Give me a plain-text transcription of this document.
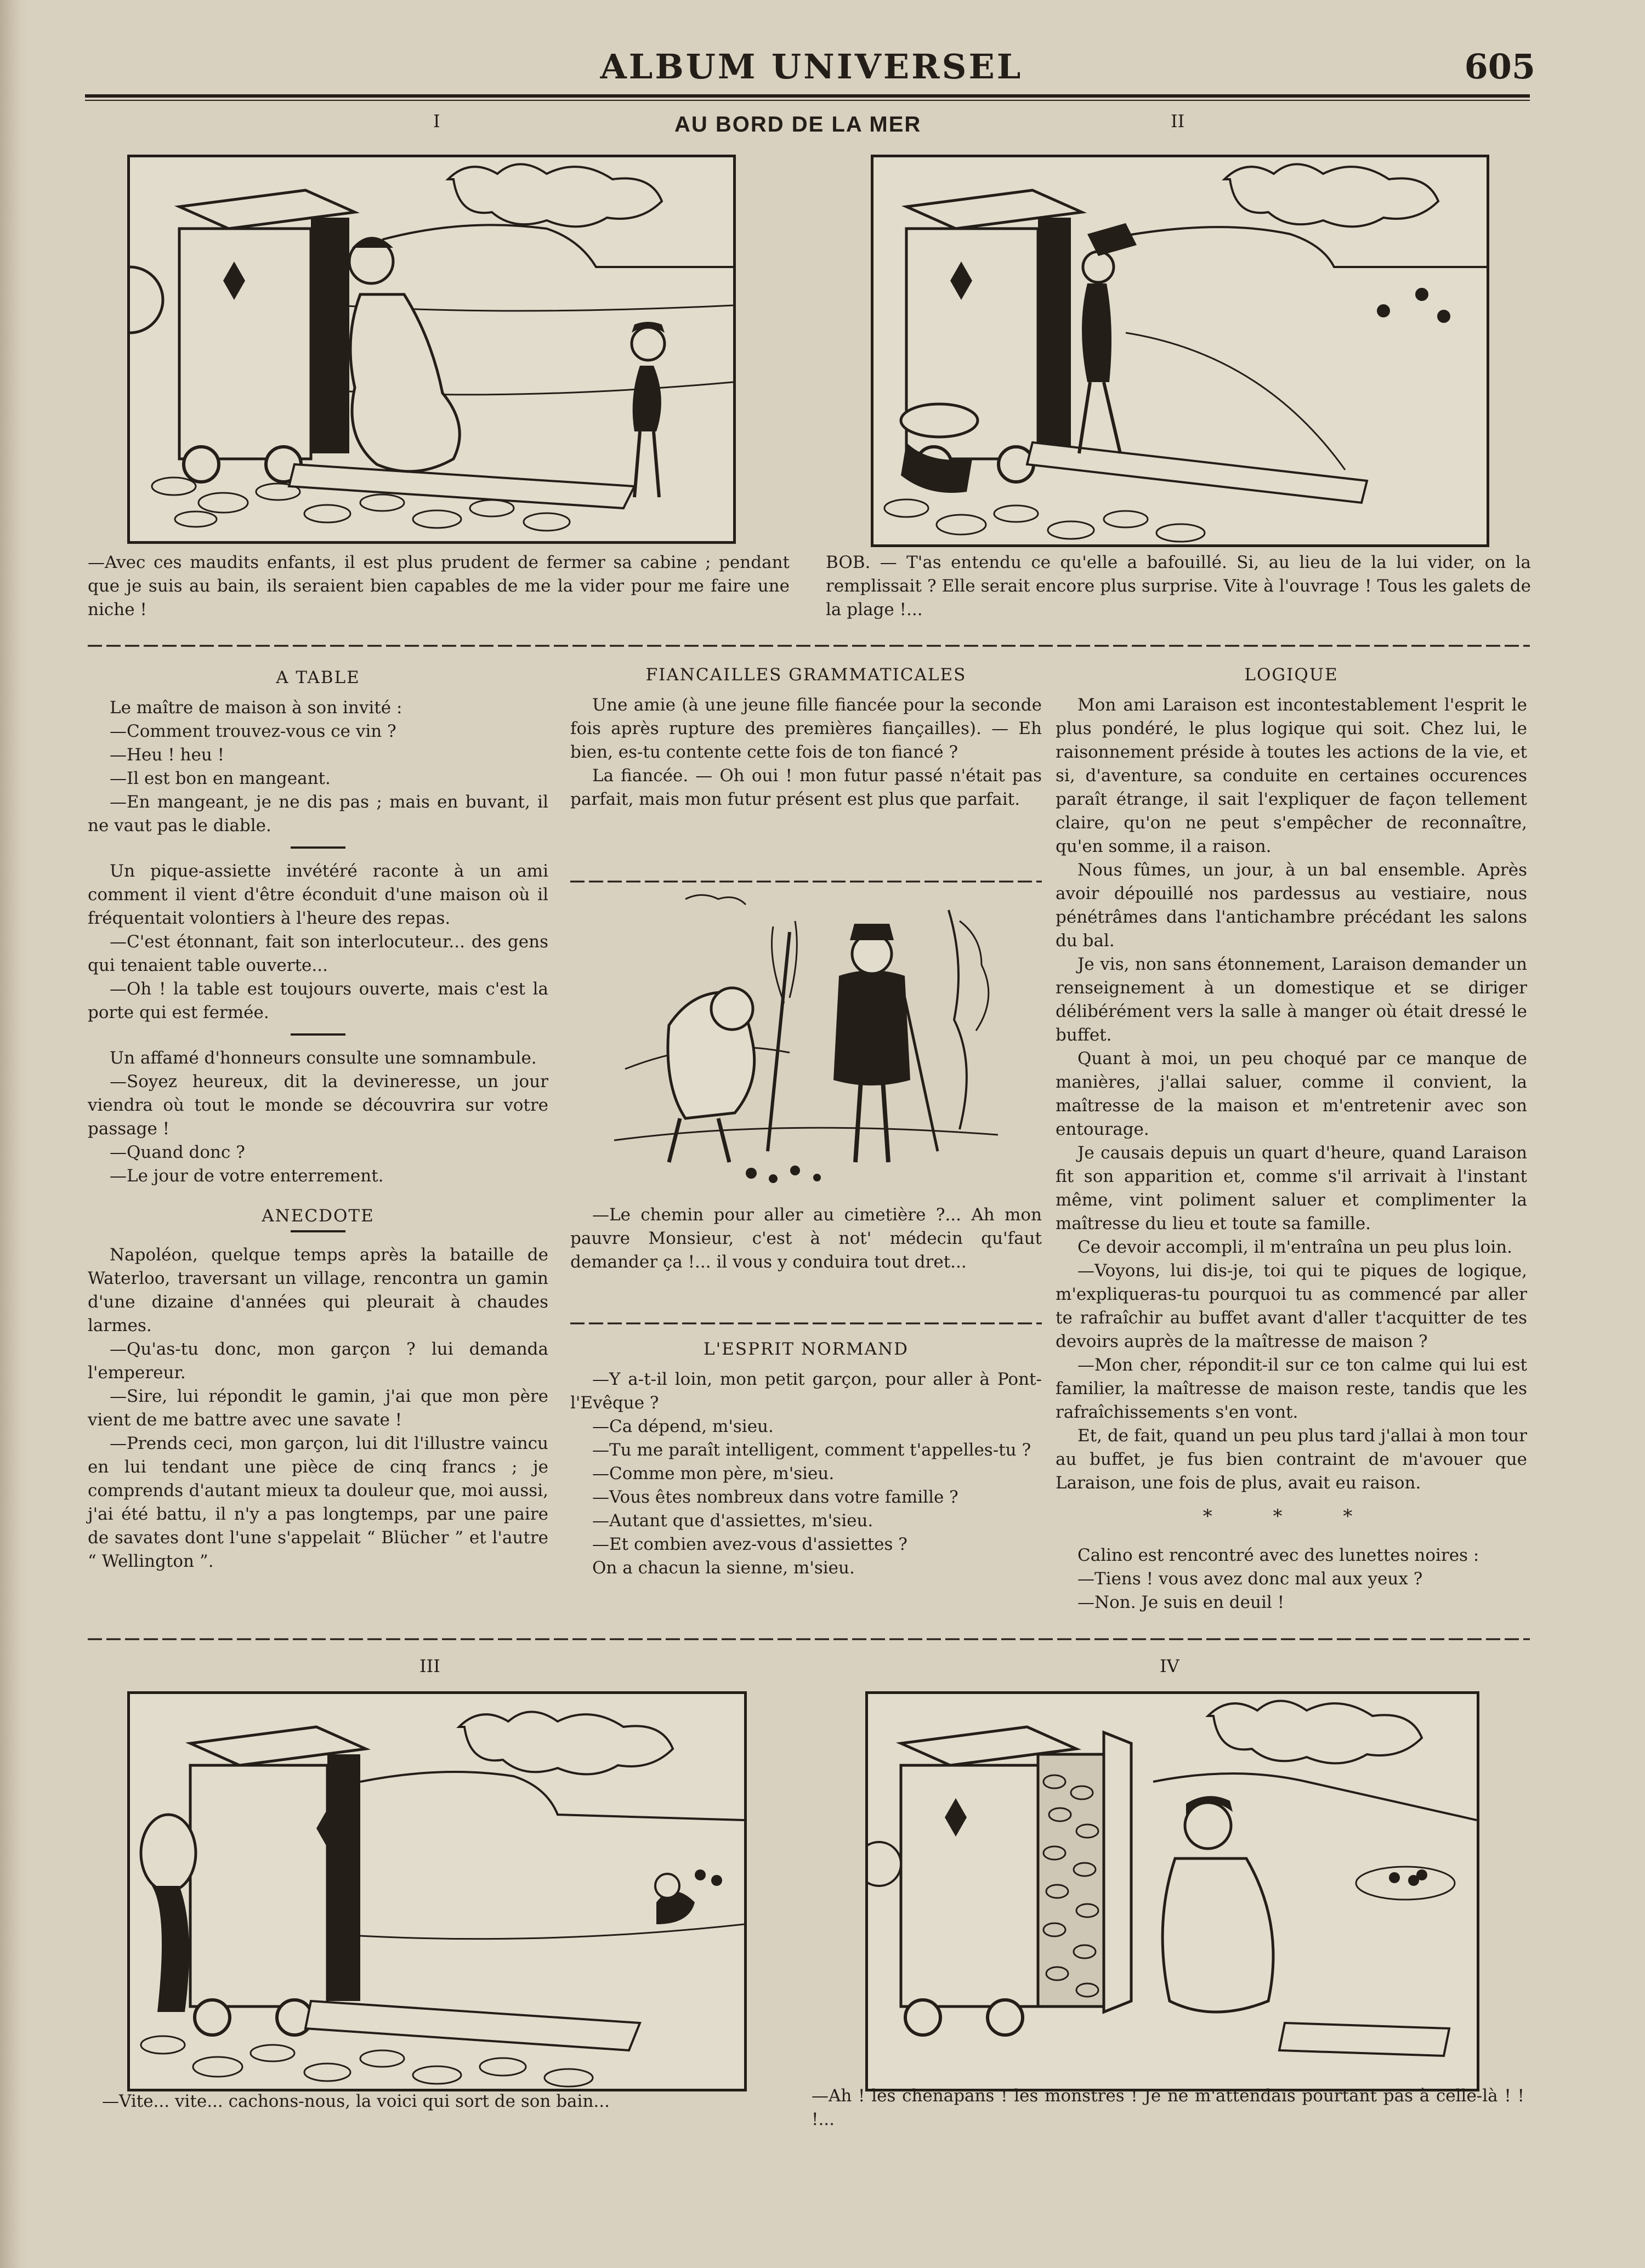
ALBUM UNIVERSEL	605
AU BORD DE LA MER
I	II
—Avec ces maudits enfants, il est plus prudent de fermer sa cabine ; pendant que je suis au bain, ils seraient bien capables de me la vider pour me faire une niche !
BOB. — T'as entendu ce qu'elle a bafouillé. Si, au lieu de la lui vider, on la remplissait ? Elle serait encore plus surprise. Vite à l'ouvrage ! Tous les galets de la plage !...
A TABLE

Le maître de maison à son invité :

—Comment trouvez-vous ce vin ?

—Heu ! heu !

—Il est bon en mangeant.

—En mangeant, je ne dis pas ; mais en buvant, il ne vaut pas le diable.

Un pique-assiette invétéré raconte à un ami comment il vient d'être éconduit d'une maison où il fréquentait volontiers à l'heure des repas.

—C'est étonnant, fait son interlocuteur... des gens qui tenaient table ouverte...

—Oh ! la table est toujours ouverte, mais c'est la porte qui est fermée.

Un affamé d'honneurs consulte une somnambule.

—Soyez heureux, dit la devineresse, un jour viendra où tout le monde se découvrira sur votre passage !

—Quand donc ?

—Le jour de votre enterrement.

ANECDOTE

Napoléon, quelque temps après la bataille de Waterloo, traversant un village, rencontra un gamin d'une dizaine d'années qui pleurait à chaudes larmes.

—Qu'as-tu donc, mon garçon ? lui demanda l'empereur.

—Sire, lui répondit le gamin, j'ai que mon père vient de me battre avec une savate !

—Prends ceci, mon garçon, lui dit l'illustre vaincu en lui tendant une pièce de cinq francs ; je comprends d'autant mieux ta douleur que, moi aussi, j'ai été battu, il n'y a pas longtemps, par une paire de savates dont l'une s'appelait “ Blücher ” et l'autre “ Wellington ”.

FIANCAILLES GRAMMATICALES

Une amie (à une jeune fille fiancée pour la seconde fois après rupture des premières fiançailles). — Eh bien, es-tu contente cette fois de ton fiancé ?

La fiancée. — Oh oui ! mon futur passé n'était pas parfait, mais mon futur présent est plus que parfait.

—Le chemin pour aller au cimetière ?... Ah mon pauvre Monsieur, c'est à not' médecin qu'faut demander ça !... il vous y conduira tout dret...

L'ESPRIT NORMAND

—Y a-t-il loin, mon petit garçon, pour aller à Pont-l'Evêque ?

—Ca dépend, m'sieu.

—Tu me paraît intelligent, comment t'appelles-tu ?

—Comme mon père, m'sieu.

—Vous êtes nombreux dans votre famille ?

—Autant que d'assiettes, m'sieu.

—Et combien avez-vous d'assiettes ?

On a chacun la sienne, m'sieu.

LOGIQUE

Mon ami Laraison est incontestablement l'esprit le plus pondéré, le plus logique qui soit. Chez lui, le raisonnement préside à toutes les actions de la vie, et si, d'aventure, sa conduite en certaines occurences paraît étrange, il sait l'expliquer de façon tellement claire, qu'on ne peut s'empêcher de reconnaître, qu'en somme, il a raison.

Nous fûmes, un jour, à un bal ensemble. Après avoir dépouillé nos pardessus au vestiaire, nous pénétrâmes dans l'antichambre précédant les salons du bal.

Je vis, non sans étonnement, Laraison demander un renseignement à un domestique et se diriger délibérément vers la salle à manger où était dressé le buffet.

Quant à moi, un peu choqué par ce manque de manières, j'allai saluer, comme il convient, la maîtresse de la maison et m'entretenir avec son entourage.

Je causais depuis un quart d'heure, quand Laraison fit son apparition et, comme s'il arrivait à l'instant même, vint poliment saluer et complimenter la maîtresse du lieu et toute sa famille.

Ce devoir accompli, il m'entraîna un peu plus loin.

—Voyons, lui dis-je, toi qui te piques de logique, m'expliqueras-tu pourquoi tu as commencé par aller te rafraîchir au buffet avant d'aller t'acquitter de tes devoirs auprès de la maîtresse de maison ?

—Mon cher, répondit-il sur ce ton calme qui lui est familier, la maîtresse de maison reste, tandis que les rafraîchissements s'en vont.

Et, de fait, quand un peu plus tard j'allai à mon tour au buffet, je fus bien contraint de m'avouer que Laraison, une fois de plus, avait eu raison.

* * *

Calino est rencontré avec des lunettes noires :

—Tiens ! vous avez donc mal aux yeux ?

—Non. Je suis en deuil !

III	IV
—Vite... vite... cachons-nous, la voici qui sort de son bain...	—Ah ! les chenapans ! les monstres ! Je ne m'attendais pourtant pas à celle-là ! ! !...
